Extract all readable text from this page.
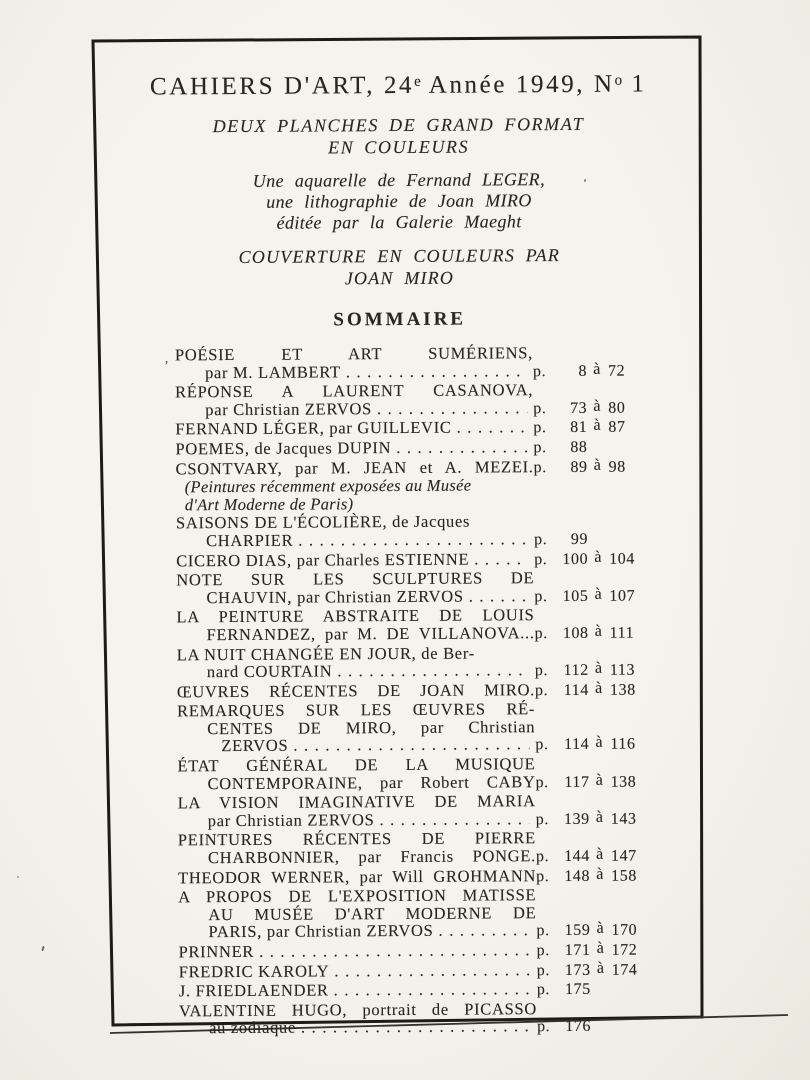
CAHIERS D'ART, 24e Année 1949, $N^o$ 1
DEUX PLANCHES DE GRAND FORMAT
EN COULEURS
Une aquarelle de Fernand LEGER,
une lithographie de Joan MIRO
éditée par la Galerie Maeght
COUVERTURE EN COULEURS PAR
JOAN MIRO
SOMMAIRE
, POÉSIE ET ART SUMÉRIENS,
par M. LAMBERT . . .	p.	8 à 72
RÉPONSE A LAURENT CASANOVA,
par Christian ZERVOS . . .	p.	73 à 80
FERNAND LÉGER, par GUILLEVIC . . .	p.	81 à 87
POEMES, de Jacques DUPIN . . .	p.	88
CSONTVARY, par M. JEAN et A. MEZEI. p.	89 à 98
(Peintures récemment exposées au Musée
d'Art Moderne de Paris)
SAISONS DE L'ÉCOLIÈRE, de Jacques
CHARPIER . . .	p.	99
CICERO DIAS, par Charles ESTIENNE . . .	p. 100 à 104
NOTE SUR LES SCULPTURES DE
CHAUVIN, par Christian ZERVOS . . .	p. 105 à 107
LA PEINTURE ABSTRAITE DE LOUIS
FERNANDEZ, par M. DE VILLANOVA... p. 108 à 111
LA NUIT CHANGÉE EN JOUR, de Ber-
nard COURTAIN . . .	p. 112 à 113
ŒUVRES RÉCENTES DE JOAN MIRO. p. 114 à 138
REMARQUES SUR LES ŒUVRES RÉ-
CENTES DE MIRO, par Christian
ZERVOS . . .	p. 114 à 116
ÉTAT GÉNÉRAL DE LA MUSIQUE
CONTEMPORAINE, par Robert CABY p. 117 à 138
LA VISION IMAGINATIVE DE MARIA
par Christian ZERVOS . . .	p. 139 à 143
PEINTURES RÉCENTES DE PIERRE
CHARBONNIER, par Francis PONGE. p. 144 à 147
THEODOR WERNER, par Will GROHMANN p. 148 à 158
A PROPOS DE L'EXPOSITION MATISSE
AU MUSÉE D'ART MODERNE DE
PARIS, par Christian ZERVOS . . .	p. 159 à 170
PRINNER . . .	p. 171 à 172
FREDRIC KAROLY . . .	p. 173 à 174
J. FRIEDLAENDER . . .	p. 175
VALENTINE HUGO, portrait de PICASSO
au zodiaque . . .	p. 176
